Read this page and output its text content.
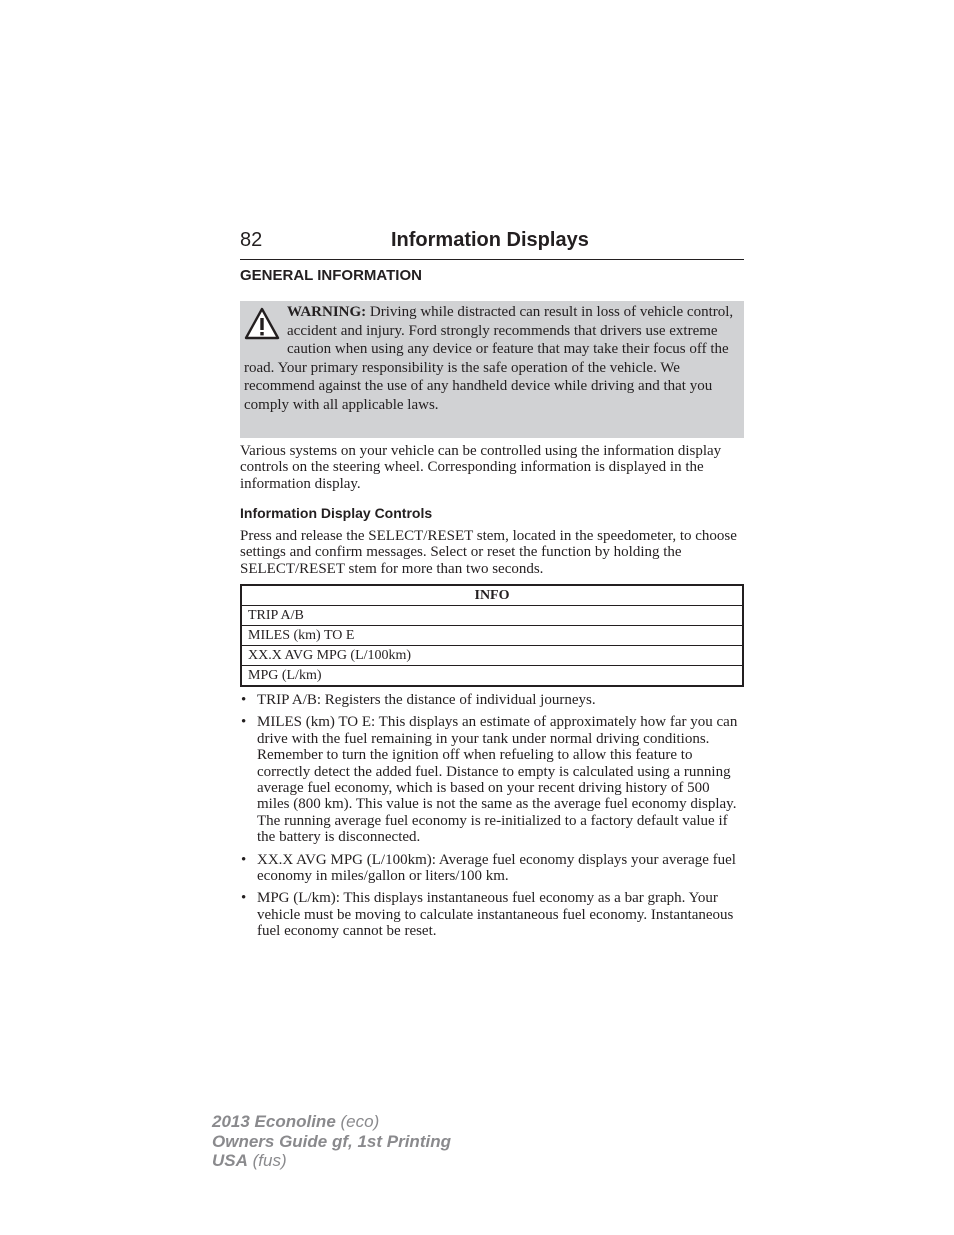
82	Information Displays
GENERAL INFORMATION
WARNING: Driving while distracted can result in loss of vehicle control, accident and injury. Ford strongly recommends that drivers use extreme caution when using any device or feature that may take their focus off the road. Your primary responsibility is the safe operation of the vehicle. We recommend against the use of any handheld device while driving and that you comply with all applicable laws.

Various systems on your vehicle can be controlled using the information display controls on the steering wheel. Corresponding information is displayed in the information display.

Information Display Controls

Press and release the SELECT/RESET stem, located in the speedometer, to choose settings and confirm messages. Select or reset the function by holding the SELECT/RESET stem for more than two seconds.

INFO
TRIP A/B
MILES (km) TO E
XX.X AVG MPG (L/100km)
MPG (L/km)
• TRIP A/B: Registers the distance of individual journeys.
• MILES (km) TO E: This displays an estimate of approximately how far you can drive with the fuel remaining in your tank under normal driving conditions. Remember to turn the ignition off when refueling to allow this feature to correctly detect the added fuel. Distance to empty is calculated using a running average fuel economy, which is based on your recent driving history of 500 miles (800 km). This value is not the same as the average fuel economy display. The running average fuel economy is re-initialized to a factory default value if the battery is disconnected.
• XX.X AVG MPG (L/100km): Average fuel economy displays your average fuel economy in miles/gallon or liters/100 km.
• MPG (L/km): This displays instantaneous fuel economy as a bar graph. Your vehicle must be moving to calculate instantaneous fuel economy. Instantaneous fuel economy cannot be reset.
2013 Econoline (eco)
Owners Guide gf, 1st Printing
USA (fus)
